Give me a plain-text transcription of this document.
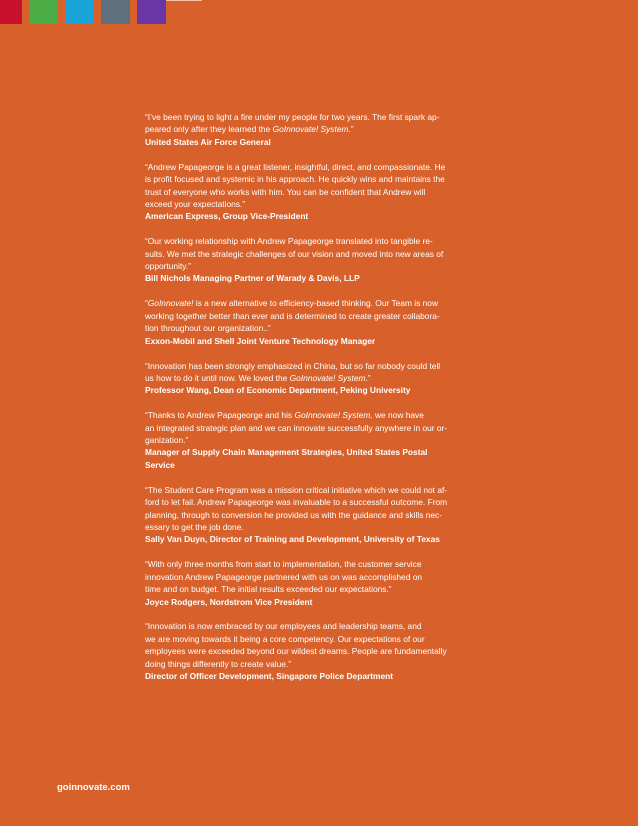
“I’ve been trying to light a fire under my people for two years. The first spark ap-
peared only after they learned the GoInnovate! System.”
United States Air Force General
“Andrew Papageorge is a great listener, insightful, direct, and compassionate. He
is profit focused and systemic in his approach. He quickly wins and maintains the
trust of everyone who works with him. You can be confident that Andrew will
exceed your expectations.”
American Express, Group Vice-President
“Our working relationship with Andrew Papageorge translated into tangible re-
sults. We met the strategic challenges of our vision and moved into new areas of
opportunity.”
Bill Nichols Managing Partner of Warady & Davis, LLP
“GoInnovate! is a new alternative to efficiency-based thinking. Our Team is now
working together better than ever and is determined to create greater collabora-
tion throughout our organization..”
Exxon-Mobil and Shell Joint Venture Technology Manager
“Innovation has been strongly emphasized in China, but so far nobody could tell
us how to do it until now. We loved the GoInnovate! System.”
Professor Wang, Dean of Economic Department, Peking University
“Thanks to Andrew Papageorge and his GoInnovate! System, we now have
an integrated strategic plan and we can innovate successfully anywhere in our or-
ganization.”
Manager of Supply Chain Management Strategies, United States Postal
Service
“The Student Care Program was a mission critical initiative which we could not af-
ford to let fail. Andrew Papageorge was invaluable to a successful outcome. From
planning, through to conversion he provided us with the guidance and skills nec-
essary to get the job done.
Sally Van Duyn, Director of Training and Development, University of Texas
“With only three months from start to implementation, the customer service
innovation Andrew Papageorge partnered with us on was accomplished on
time and on budget. The initial results exceeded our expectations.”
Joyce Rodgers, Nordstrom Vice President
“Innovation is now embraced by our employees and leadership teams, and
we are moving towards it being a core competency. Our expectations of our
employees were exceeded beyond our wildest dreams. People are fundamentally
doing things differently to create value.”
Director of Officer Development, Singapore Police Department
goinnovate.com
